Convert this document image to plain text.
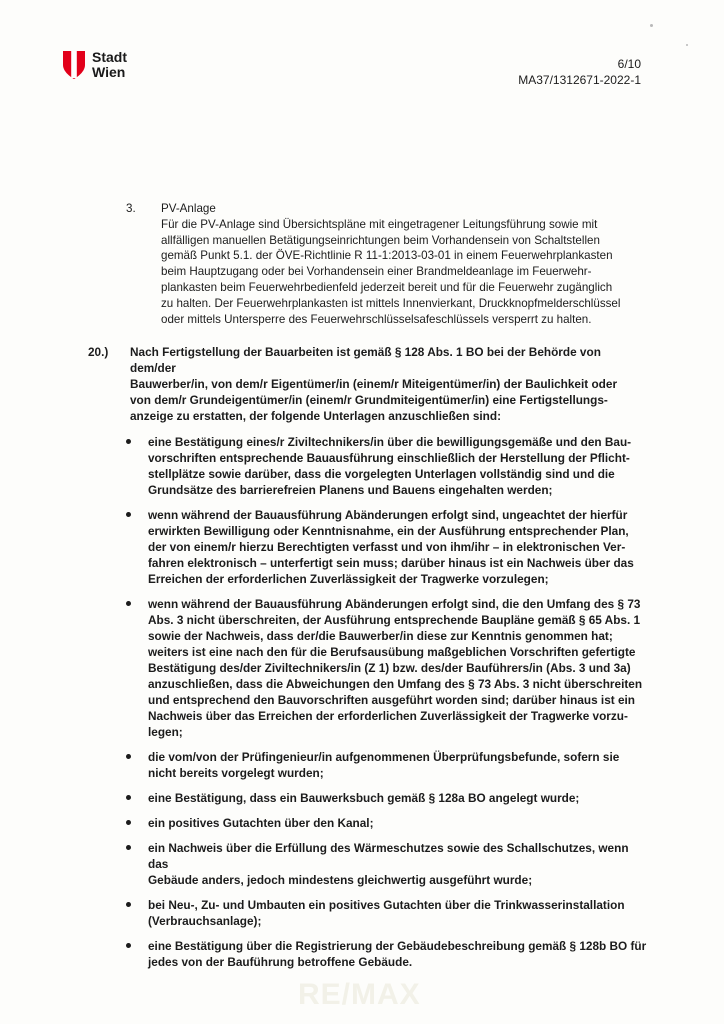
Stadt
Wien	6/10
MA37/1312671-2022-1
3. PV-Anlage
Für die PV-Anlage sind Übersichtspläne mit eingetragener Leitungsführung sowie mit
allfälligen manuellen Betätigungseinrichtungen beim Vorhandensein von Schaltstellen
gemäß Punkt 5.1. der ÖVE-Richtlinie R 11-1:2013-03-01 in einem Feuerwehrplankasten
beim Hauptzugang oder bei Vorhandensein einer Brandmeldeanlage im Feuerwehr-
plankasten beim Feuerwehrbedienfeld jederzeit bereit und für die Feuerwehr zugänglich
zu halten. Der Feuerwehrplankasten ist mittels Innenvierkant, Druckknopfmelderschlüssel
oder mittels Untersperre des Feuerwehrschlüsselsafeschlüssels versperrt zu halten.
20.) Nach Fertigstellung der Bauarbeiten ist gemäß § 128 Abs. 1 BO bei der Behörde von dem/der
Bauwerber/in, von dem/r Eigentümer/in (einem/r Miteigentümer/in) der Baulichkeit oder
von dem/r Grundeigentümer/in (einem/r Grundmiteigentümer/in) eine Fertigstellungs-
anzeige zu erstatten, der folgende Unterlagen anzuschließen sind:
eine Bestätigung eines/r Ziviltechnikers/in über die bewilligungsgemäße und den Bau-
vorschriften entsprechende Bauausführung einschließlich der Herstellung der Pflicht-
stellplätze sowie darüber, dass die vorgelegten Unterlagen vollständig sind und die
Grundsätze des barrierefreien Planens und Bauens eingehalten werden;
wenn während der Bauausführung Abänderungen erfolgt sind, ungeachtet der hierfür
erwirkten Bewilligung oder Kenntnisnahme, ein der Ausführung entsprechender Plan,
der von einem/r hierzu Berechtigten verfasst und von ihm/ihr – in elektronischen Ver-
fahren elektronisch – unterfertigt sein muss; darüber hinaus ist ein Nachweis über das
Erreichen der erforderlichen Zuverlässigkeit der Tragwerke vorzulegen;
wenn während der Bauausführung Abänderungen erfolgt sind, die den Umfang des § 73
Abs. 3 nicht überschreiten, der Ausführung entsprechende Baupläne gemäß § 65 Abs. 1
sowie der Nachweis, dass der/die Bauwerber/in diese zur Kenntnis genommen hat;
weiters ist eine nach den für die Berufsausübung maßgeblichen Vorschriften gefertigte
Bestätigung des/der Ziviltechnikers/in (Z 1) bzw. des/der Bauführers/in (Abs. 3 und 3a)
anzuschließen, dass die Abweichungen den Umfang des § 73 Abs. 3 nicht überschreiten
und entsprechend den Bauvorschriften ausgeführt worden sind; darüber hinaus ist ein
Nachweis über das Erreichen der erforderlichen Zuverlässigkeit der Tragwerke vorzu-
legen;
die vom/von der Prüfingenieur/in aufgenommenen Überprüfungsbefunde, sofern sie
nicht bereits vorgelegt wurden;
eine Bestätigung, dass ein Bauwerksbuch gemäß § 128a BO angelegt wurde;
ein positives Gutachten über den Kanal;
ein Nachweis über die Erfüllung des Wärmeschutzes sowie des Schallschutzes, wenn das
Gebäude anders, jedoch mindestens gleichwertig ausgeführt wurde;
bei Neu-, Zu- und Umbauten ein positives Gutachten über die Trinkwasserinstallation
(Verbrauchsanlage);
eine Bestätigung über die Registrierung der Gebäudebeschreibung gemäß § 128b BO für
jedes von der Bauführung betroffene Gebäude.
RE/MAX
